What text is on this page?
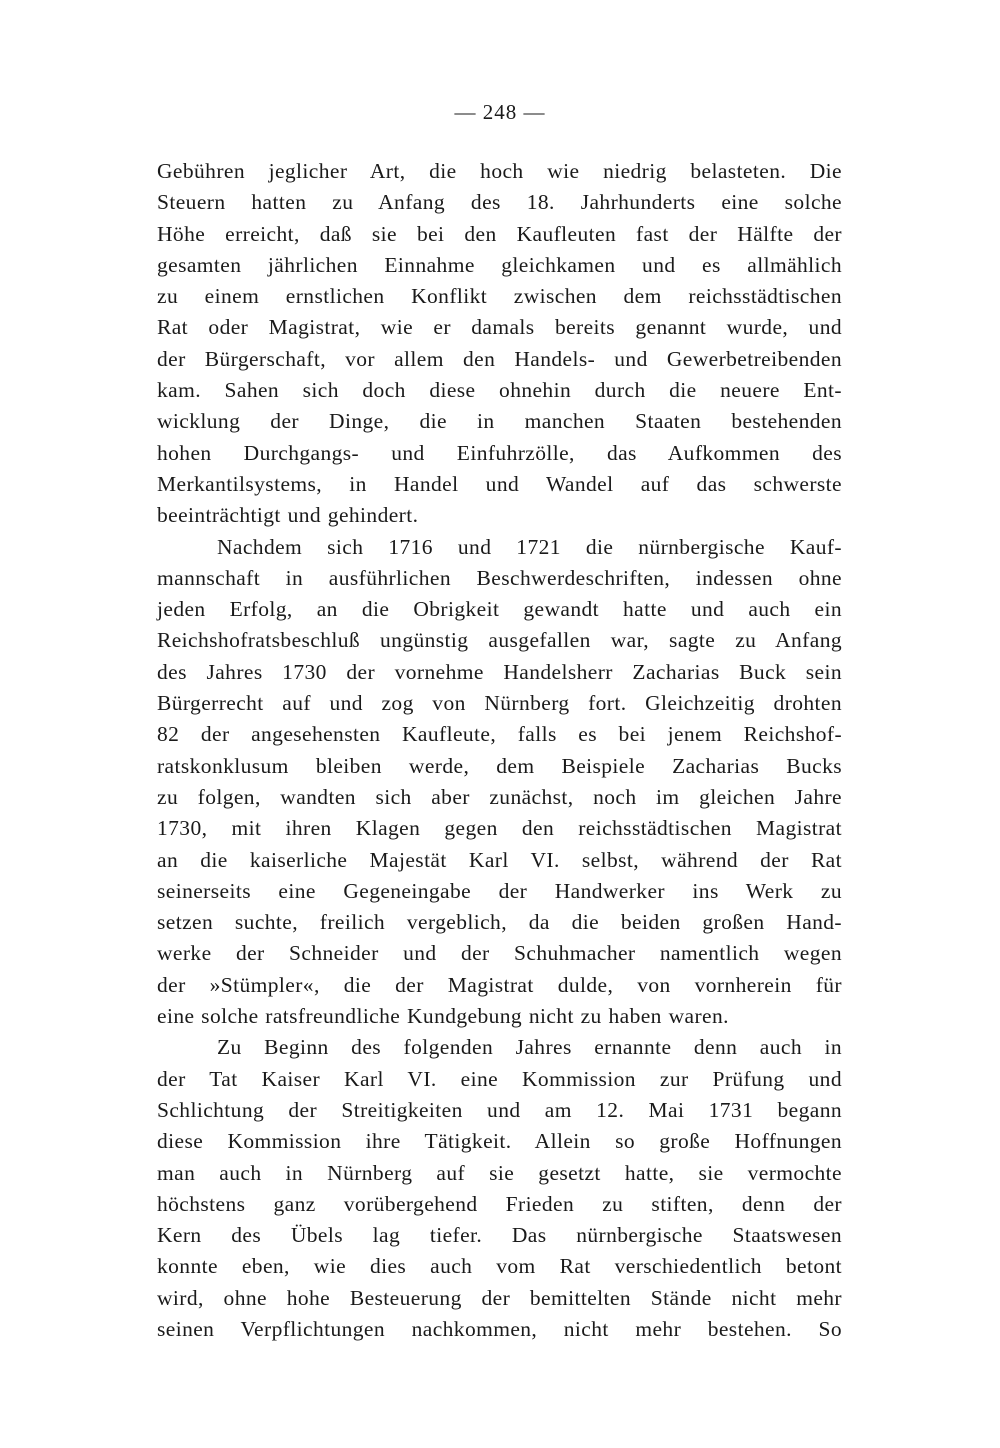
— 248 —
Gebühren jeglicher Art, die hoch wie niedrig belasteten. Die
Steuern hatten zu Anfang des 18. Jahrhunderts eine solche
Höhe erreicht, daß sie bei den Kaufleuten fast der Hälfte der
gesamten jährlichen Einnahme gleichkamen und es allmählich
zu einem ernstlichen Konflikt zwischen dem reichsstädtischen
Rat oder Magistrat, wie er damals bereits genannt wurde, und
der Bürgerschaft, vor allem den Handels- und Gewerbetreibenden
kam. Sahen sich doch diese ohnehin durch die neuere Ent-
wicklung der Dinge, die in manchen Staaten bestehenden
hohen Durchgangs- und Einfuhrzölle, das Aufkommen des
Merkantilsystems, in Handel und Wandel auf das schwerste
beeinträchtigt und gehindert.
Nachdem sich 1716 und 1721 die nürnbergische Kauf-
mannschaft in ausführlichen Beschwerdeschriften, indessen ohne
jeden Erfolg, an die Obrigkeit gewandt hatte und auch ein
Reichshofratsbeschluß ungünstig ausgefallen war, sagte zu Anfang
des Jahres 1730 der vornehme Handelsherr Zacharias Buck sein
Bürgerrecht auf und zog von Nürnberg fort. Gleichzeitig drohten
82 der angesehensten Kaufleute, falls es bei jenem Reichshof-
ratskonklusum bleiben werde, dem Beispiele Zacharias Bucks
zu folgen, wandten sich aber zunächst, noch im gleichen Jahre
1730, mit ihren Klagen gegen den reichsstädtischen Magistrat
an die kaiserliche Majestät Karl VI. selbst, während der Rat
seinerseits eine Gegeneingabe der Handwerker ins Werk zu
setzen suchte, freilich vergeblich, da die beiden großen Hand-
werke der Schneider und der Schuhmacher namentlich wegen
der »Stümpler«, die der Magistrat dulde, von vornherein für
eine solche ratsfreundliche Kundgebung nicht zu haben waren.
Zu Beginn des folgenden Jahres ernannte denn auch in
der Tat Kaiser Karl VI. eine Kommission zur Prüfung und
Schlichtung der Streitigkeiten und am 12. Mai 1731 begann
diese Kommission ihre Tätigkeit. Allein so große Hoffnungen
man auch in Nürnberg auf sie gesetzt hatte, sie vermochte
höchstens ganz vorübergehend Frieden zu stiften, denn der
Kern des Übels lag tiefer. Das nürnbergische Staatswesen
konnte eben, wie dies auch vom Rat verschiedentlich betont
wird, ohne hohe Besteuerung der bemittelten Stände nicht mehr
seinen Verpflichtungen nachkommen, nicht mehr bestehen. So
